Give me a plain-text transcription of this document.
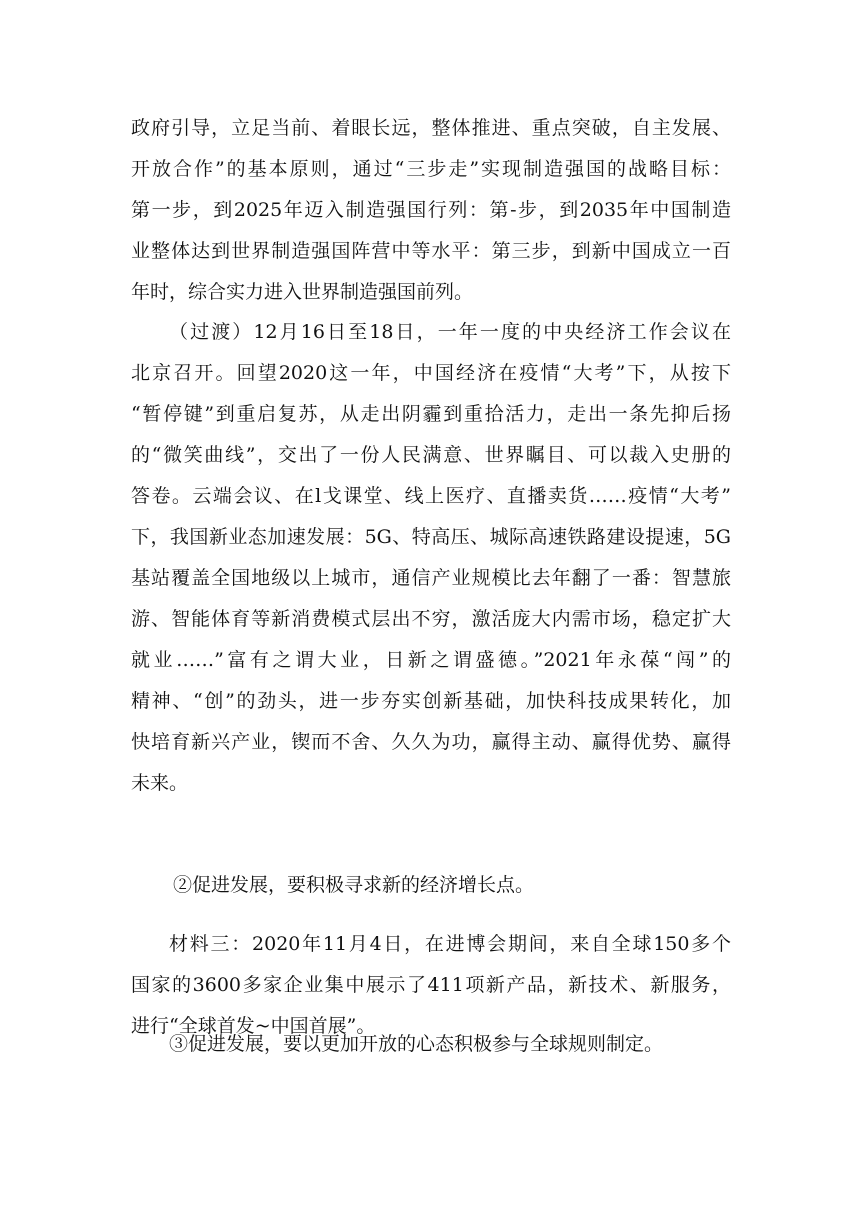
政府引导，立足当前、着眼长远，整体推进、重点突破，自主发展、
开放合作”的基本原则，通过“三步走”实现制造强国的战略目标：
第一步，到2025年迈入制造强国行列：第-步，到2035年中国制造
业整体达到世界制造强国阵营中等水平：第三步，到新中国成立一百
年时，综合实力进入世界制造强国前列。
（过渡）12月16日至18日，一年一度的中央经济工作会议在
北京召开。回望2020这一年，中国经济在疫情“大考”下，从按下
“暂停键”到重启复苏，从走出阴霾到重拾活力，走出一条先抑后扬
的“微笑曲线”，交出了一份人民满意、世界瞩目、可以裁入史册的
答卷。云端会议、在l戈课堂、线上医疗、直播卖货……疫情“大考”
下，我国新业态加速发展：5G、特高压、城际高速铁路建设提速，5G
基站覆盖全国地级以上城市，通信产业规模比去年翻了一番：智慧旅
游、智能体育等新消费模式层出不穷，激活庞大内需市场，稳定扩大
就业……”富有之谓大业，日新之谓盛德。”2021年永葆“闯”的
精神、“创”的劲头，进一步夯实创新基础，加快科技成果转化，加
快培育新兴产业，锲而不舍、久久为功，赢得主动、赢得优势、赢得
未来。
②促进发展，要积极寻求新的经济增长点。
材料三：2020年11月4日，在进博会期间，来自全球150多个
国家的3600多家企业集中展示了411项新产品，新技术、新服务，
进行“全球首发~中国首展”。
③促进发展，要以更加开放的心态积极参与全球规则制定。
